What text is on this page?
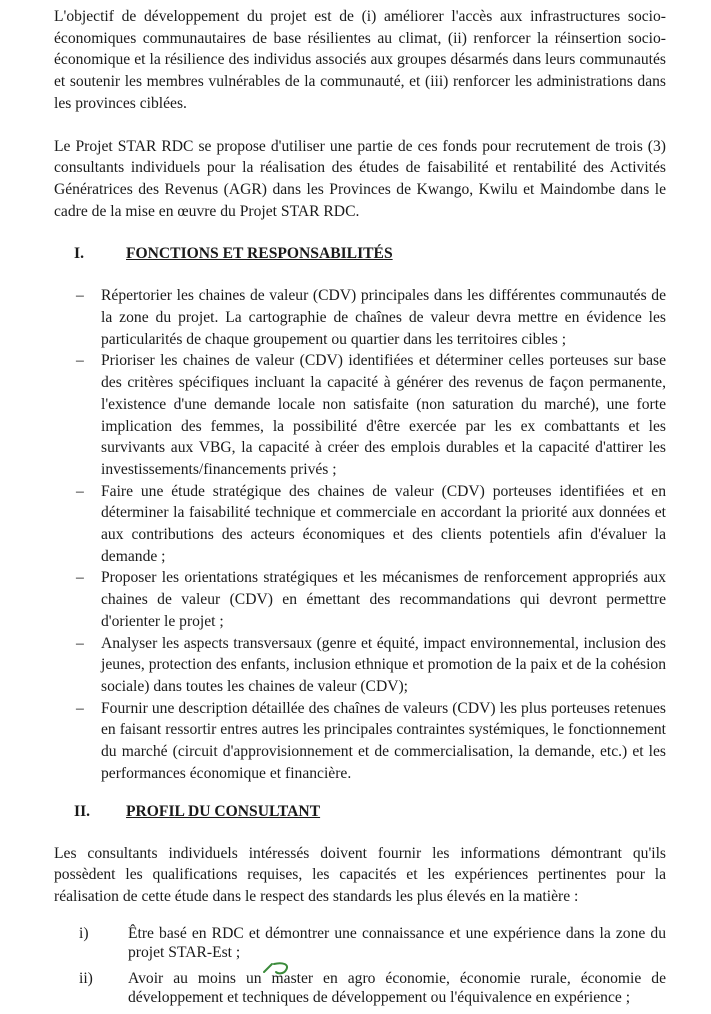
L'objectif de développement du projet est de (i) améliorer l'accès aux infrastructures socio-économiques communautaires de base résilientes au climat, (ii) renforcer la réinsertion socio-économique et la résilience des individus associés aux groupes désarmés dans leurs communautés et soutenir les membres vulnérables de la communauté, et (iii) renforcer les administrations dans les provinces ciblées.

Le Projet STAR RDC se propose d'utiliser une partie de ces fonds pour recrutement de trois (3) consultants individuels pour la réalisation des études de faisabilité et rentabilité des Activités Génératrices des Revenus (AGR) dans les Provinces de Kwango, Kwilu et Maindombe dans le cadre de la mise en œuvre du Projet STAR RDC.

I.	FONCTIONS ET RESPONSABILITÉS
– Répertorier les chaines de valeur (CDV) principales dans les différentes communautés de la zone du projet. La cartographie de chaînes de valeur devra mettre en évidence les particularités de chaque groupement ou quartier dans les territoires cibles ;
– Prioriser les chaines de valeur (CDV) identifiées et déterminer celles porteuses sur base des critères spécifiques incluant la capacité à générer des revenus de façon permanente, l'existence d'une demande locale non satisfaite (non saturation du marché), une forte implication des femmes, la possibilité d'être exercée par les ex combattants et les survivants aux VBG, la capacité à créer des emplois durables et la capacité d'attirer les investissements/financements privés ;
– Faire une étude stratégique des chaines de valeur (CDV) porteuses identifiées et en déterminer la faisabilité technique et commerciale en accordant la priorité aux données et aux contributions des acteurs économiques et des clients potentiels afin d'évaluer la demande ;
– Proposer les orientations stratégiques et les mécanismes de renforcement appropriés aux chaines de valeur (CDV) en émettant des recommandations qui devront permettre d'orienter le projet ;
– Analyser les aspects transversaux (genre et équité, impact environnemental, inclusion des jeunes, protection des enfants, inclusion ethnique et promotion de la paix et de la cohésion sociale) dans toutes les chaines de valeur (CDV);
– Fournir une description détaillée des chaînes de valeurs (CDV) les plus porteuses retenues en faisant ressortir entres autres les principales contraintes systémiques, le fonctionnement du marché (circuit d'approvisionnement et de commercialisation, la demande, etc.) et les performances économique et financière.
II.	PROFIL DU CONSULTANT

Les consultants individuels intéressés doivent fournir les informations démontrant qu'ils possèdent les qualifications requises, les capacités et les expériences pertinentes pour la réalisation de cette étude dans le respect des standards les plus élevés en la matière :

i)	Être basé en RDC et démontrer une connaissance et une expérience dans la zone du projet STAR-Est ;
ii) Avoir au moins un master en agro économie, économie rurale, économie de développement et techniques de développement ou l'équivalence en expérience ;
